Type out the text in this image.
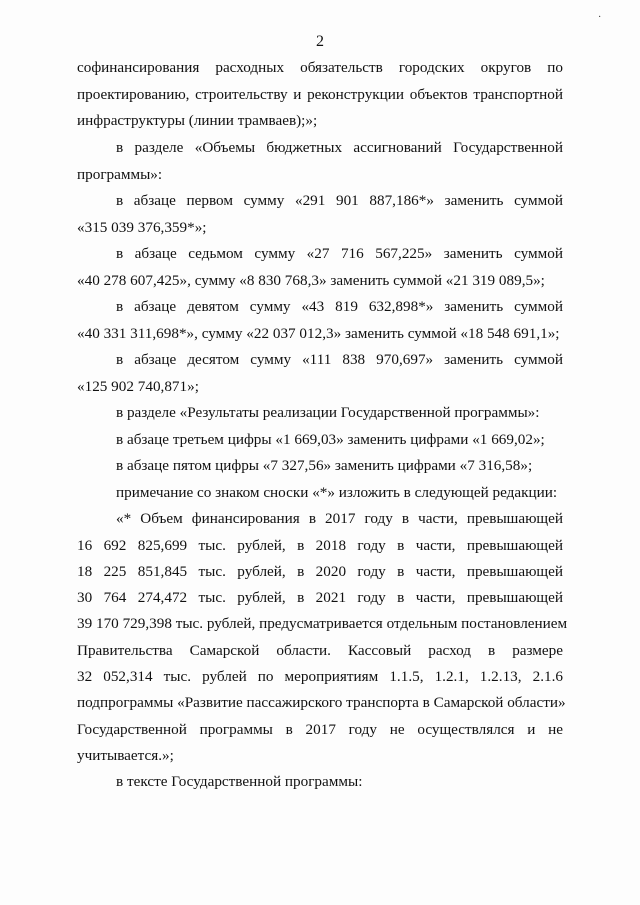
·
2
софинансирования расходных обязательств городских округов по
проектированию, строительству и реконструкции объектов транспортной
инфраструктуры (линии трамваев);»;
в разделе «Объемы бюджетных ассигнований Государственной
программы»:
в абзаце первом сумму «291 901 887,186*» заменить суммой
«315 039 376,359*»;
в абзаце седьмом сумму «27 716 567,225» заменить суммой
«40 278 607,425», сумму «8 830 768,3» заменить суммой «21 319 089,5»;
в абзаце девятом сумму «43 819 632,898*» заменить суммой
«40 331 311,698*», сумму «22 037 012,3» заменить суммой «18 548 691,1»;
в абзаце десятом сумму «111 838 970,697» заменить суммой
«125 902 740,871»;
в разделе «Результаты реализации Государственной программы»:
в абзаце третьем цифры «1 669,03» заменить цифрами «1 669,02»;
в абзаце пятом цифры «7 327,56» заменить цифрами «7 316,58»;
примечание со знаком сноски «*» изложить в следующей редакции:
«* Объем финансирования в 2017 году в части, превышающей
16 692 825,699 тыс. рублей, в 2018 году в части, превышающей
18 225 851,845 тыс. рублей, в 2020 году в части, превышающей
30 764 274,472 тыс. рублей, в 2021 году в части, превышающей
39 170 729,398 тыс. рублей, предусматривается отдельным постановлением
Правительства Самарской области. Кассовый расход в размере
32 052,314 тыс. рублей по мероприятиям 1.1.5, 1.2.1, 1.2.13, 2.1.6
подпрограммы «Развитие пассажирского транспорта в Самарской области»
Государственной программы в 2017 году не осуществлялся и не
учитывается.»;
в тексте Государственной программы:
